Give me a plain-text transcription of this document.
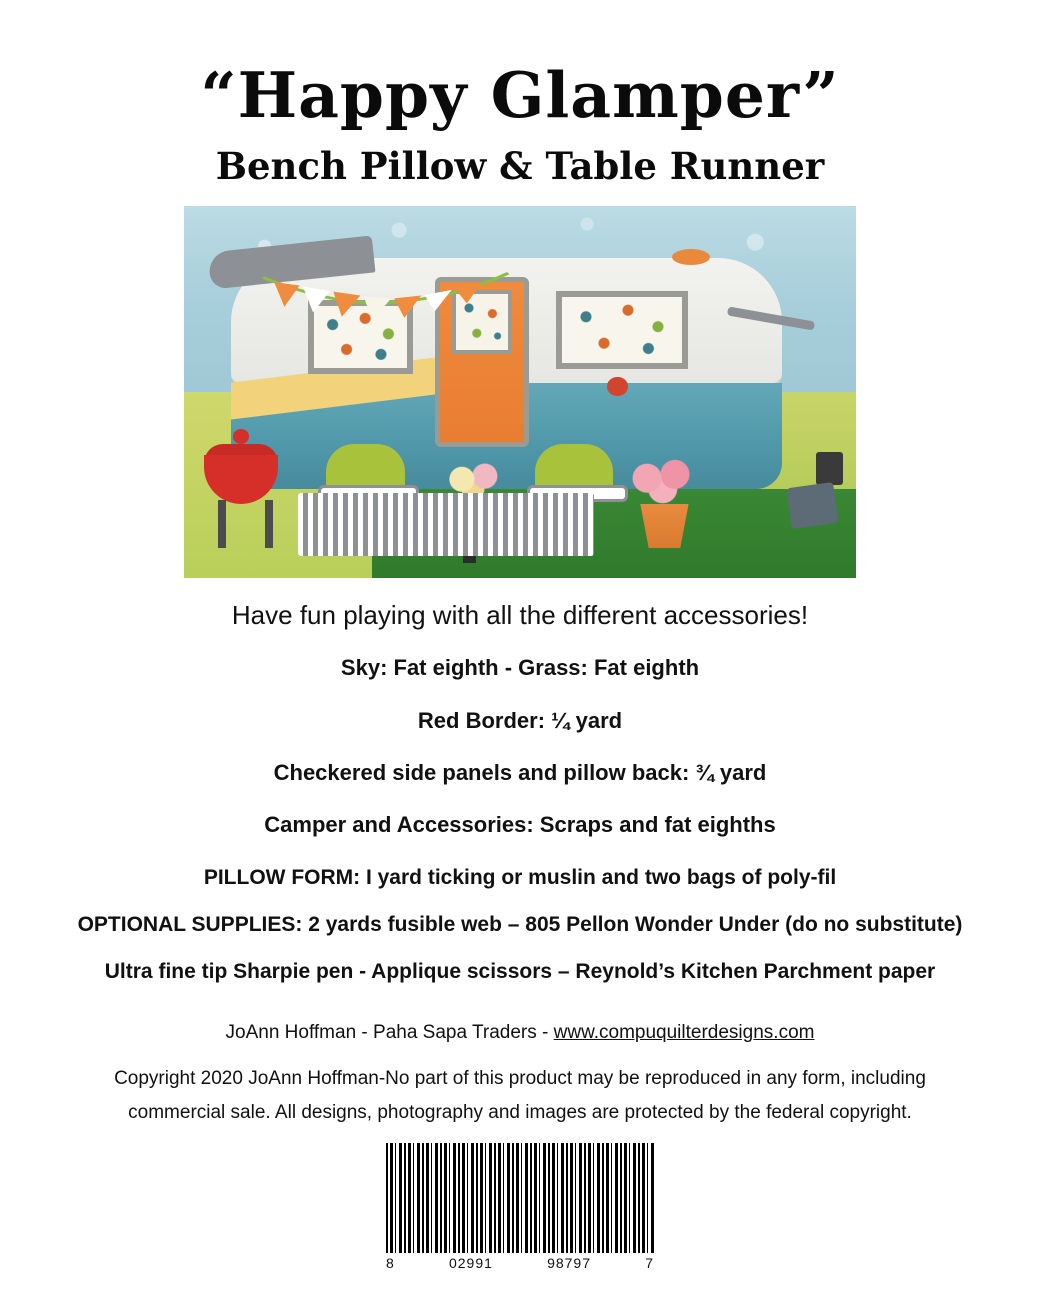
“Happy Glamper”
Bench Pillow & Table Runner
Have fun playing with all the different accessories!
Sky: Fat eighth - Grass: Fat eighth
Red Border: ¼ yard
Checkered side panels and pillow back: ¾ yard
Camper and Accessories: Scraps and fat eighths
PILLOW FORM: I yard ticking or muslin and two bags of poly-fil
OPTIONAL SUPPLIES: 2 yards fusible web – 805 Pellon Wonder Under (do no substitute)
Ultra fine tip Sharpie pen - Applique scissors – Reynold’s Kitchen Parchment paper
JoAnn Hoffman - Paha Sapa Traders - www.compuquilterdesigns.com
Copyright 2020 JoAnn Hoffman-No part of this product may be reproduced in any form, including
commercial sale. All designs, photography and images are protected by the federal copyright.
8	02991	98797	7
